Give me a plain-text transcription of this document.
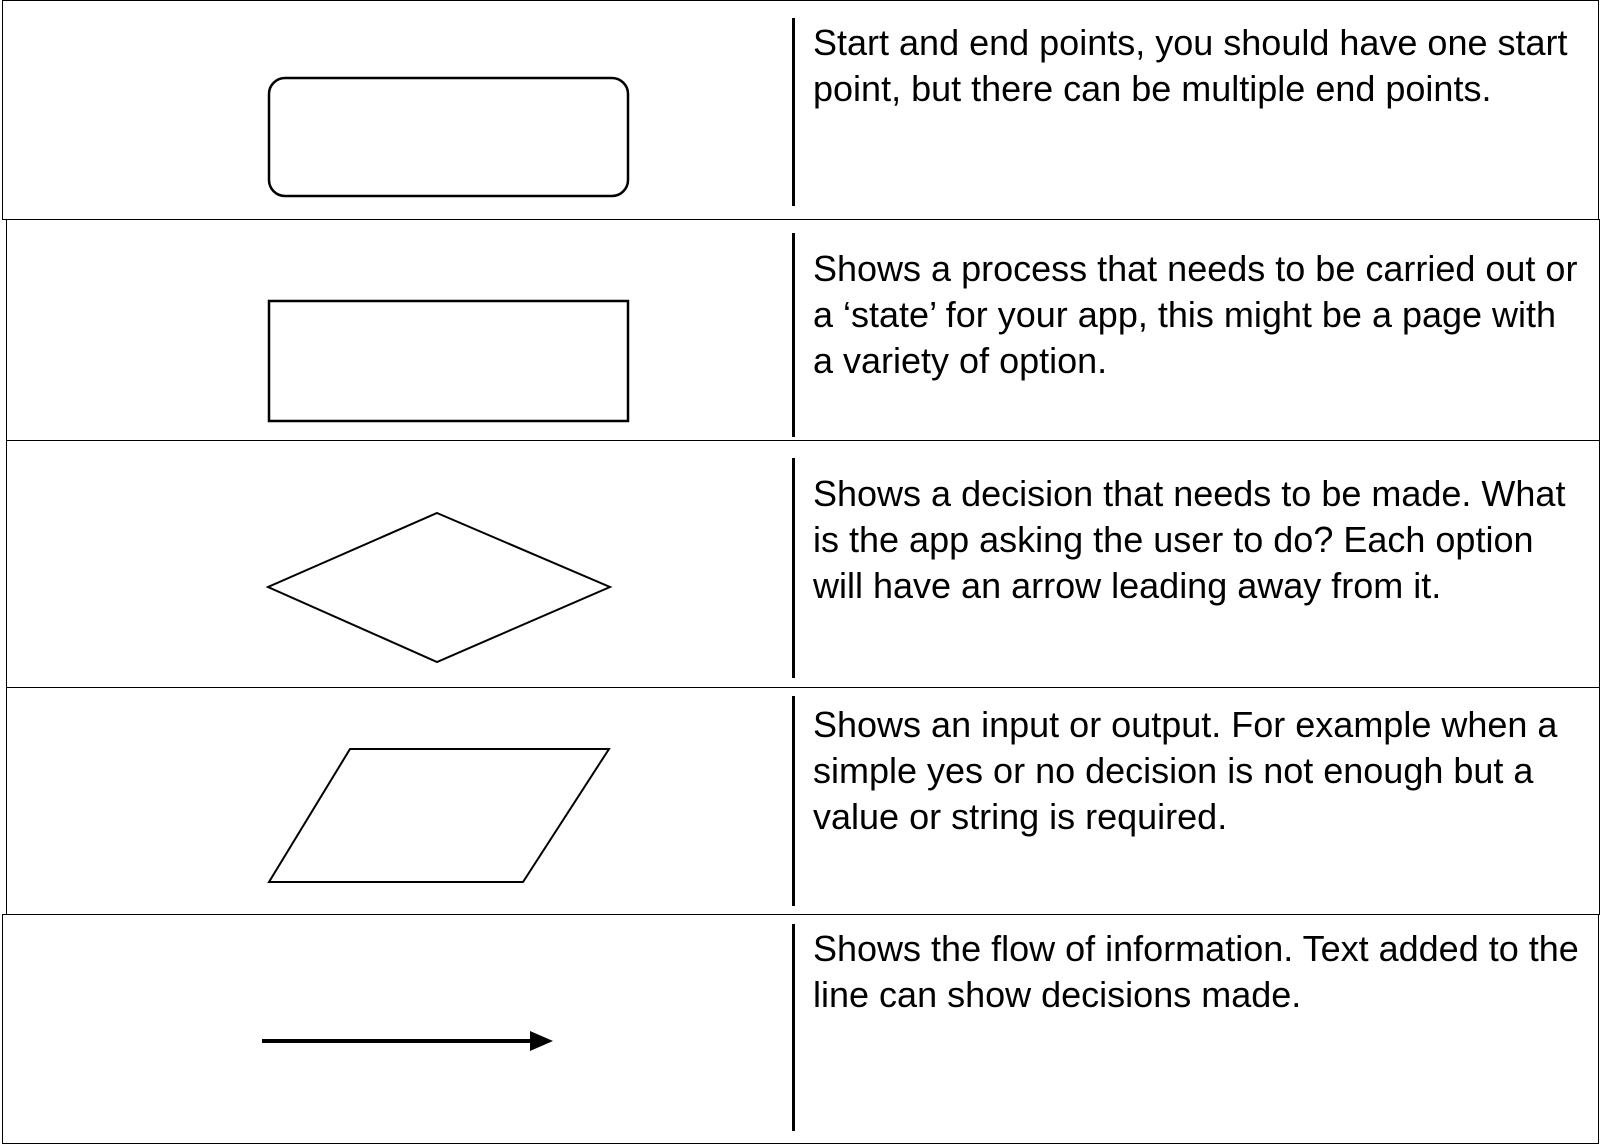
Start and end points, you should have one start
point, but there can be multiple end points.

Shows a process that needs to be carried out or
a ‘state’ for your app, this might be a page with
a variety of option.

Shows a decision that needs to be made. What
is the app asking the user to do? Each option
will have an arrow leading away from it.

Shows an input or output. For example when a
simple yes or no decision is not enough but a
value or string is required.

Shows the flow of information. Text added to the
line can show decisions made.
